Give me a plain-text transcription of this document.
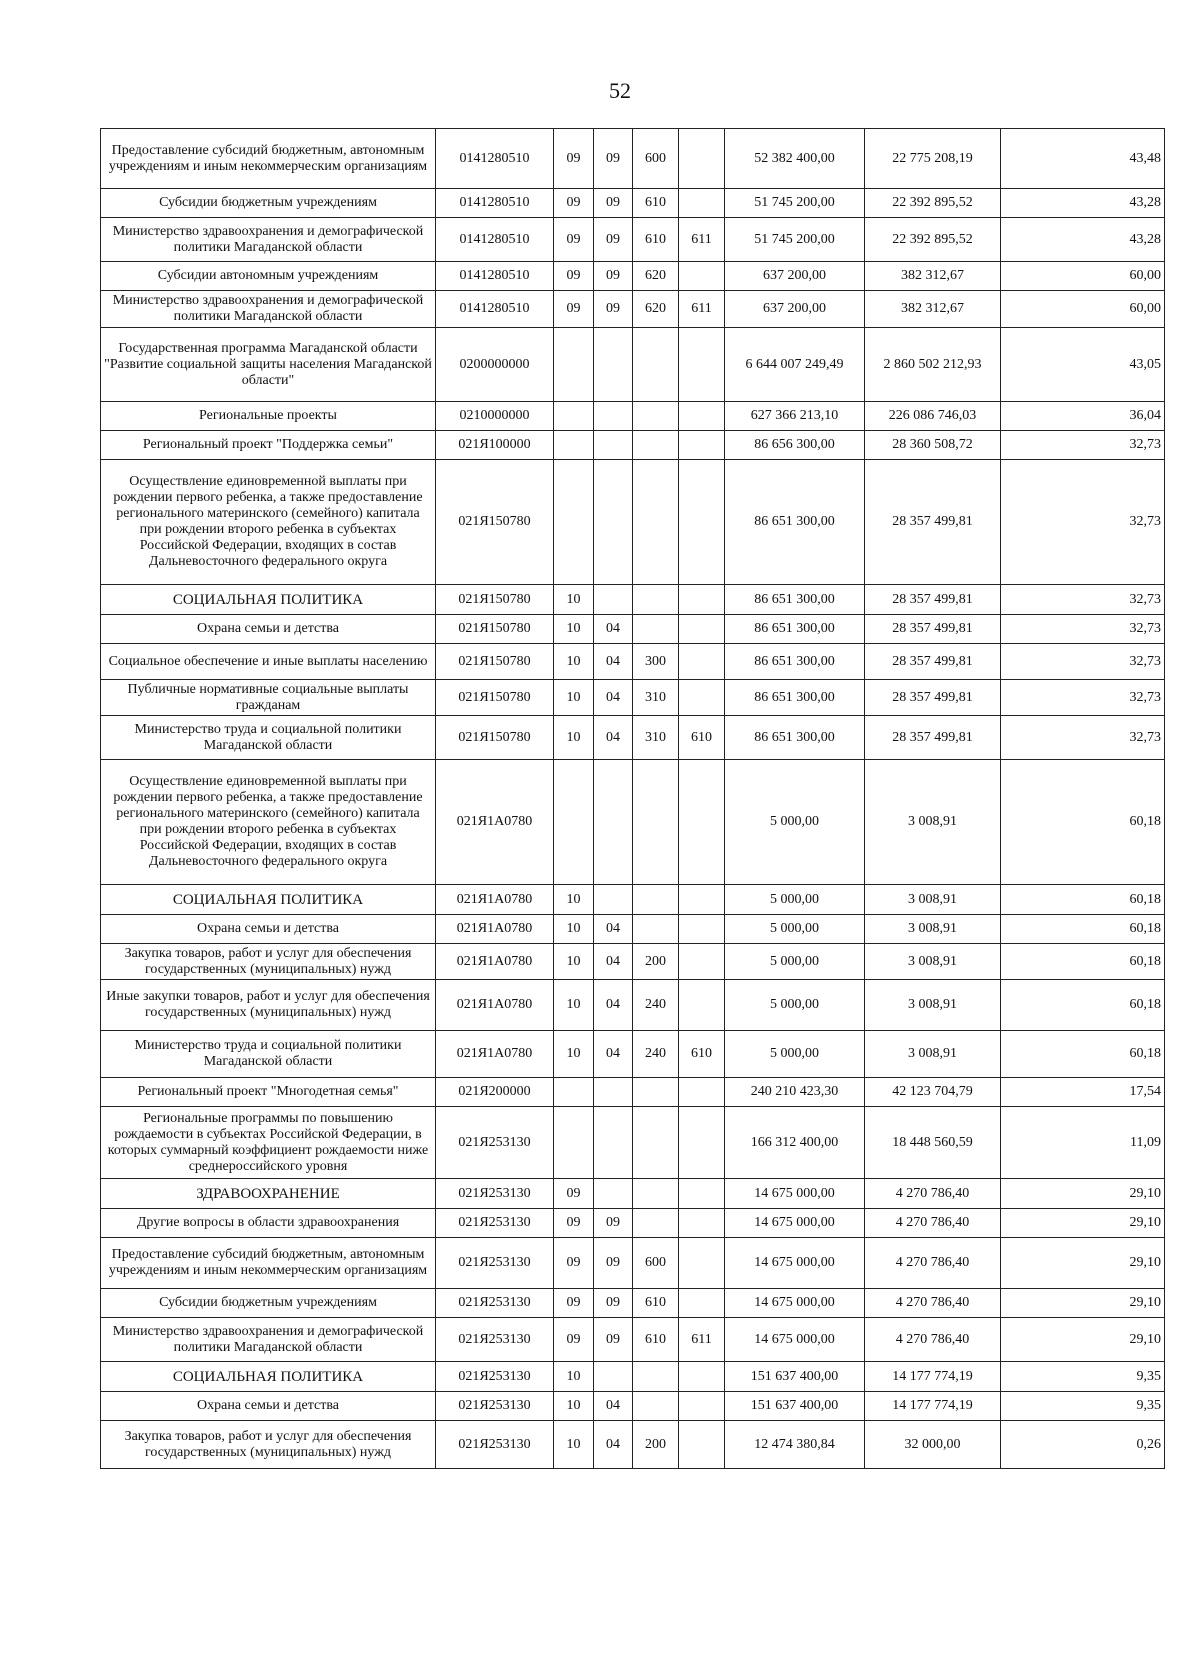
52
Предоставление субсидий бюджетным, автономным учреждениям и иным некоммерческим организациям	0141280510	09	09	600		52 382 400,00	22 775 208,19	43,48
Субсидии бюджетным учреждениям	0141280510	09	09	610		51 745 200,00	22 392 895,52	43,28
Министерство здравоохранения и демографической политики Магаданской области	0141280510	09	09	610	611	51 745 200,00	22 392 895,52	43,28
Субсидии автономным учреждениям	0141280510	09	09	620		637 200,00	382 312,67	60,00
Министерство здравоохранения и демографической политики Магаданской области	0141280510	09	09	620	611	637 200,00	382 312,67	60,00
Государственная программа Магаданской области "Развитие социальной защиты населения Магаданской области"	0200000000					6 644 007 249,49	2 860 502 212,93	43,05
Региональные проекты	0210000000					627 366 213,10	226 086 746,03	36,04
Региональный проект "Поддержка семьи"	021Я100000					86 656 300,00	28 360 508,72	32,73
Осуществление единовременной выплаты при рождении первого ребенка, а также предоставление регионального материнского (семейного) капитала при рождении второго ребенка в субъектах Российской Федерации, входящих в состав Дальневосточного федерального округа	021Я150780					86 651 300,00	28 357 499,81	32,73
СОЦИАЛЬНАЯ ПОЛИТИКА	021Я150780	10				86 651 300,00	28 357 499,81	32,73
Охрана семьи и детства	021Я150780	10	04			86 651 300,00	28 357 499,81	32,73
Социальное обеспечение и иные выплаты населению	021Я150780	10	04	300		86 651 300,00	28 357 499,81	32,73
Публичные нормативные социальные выплаты гражданам	021Я150780	10	04	310		86 651 300,00	28 357 499,81	32,73
Министерство труда и социальной политики Магаданской области	021Я150780	10	04	310	610	86 651 300,00	28 357 499,81	32,73
Осуществление единовременной выплаты при рождении первого ребенка, а также предоставление регионального материнского (семейного) капитала при рождении второго ребенка в субъектах Российской Федерации, входящих в состав Дальневосточного федерального округа	021Я1А0780					5 000,00	3 008,91	60,18
СОЦИАЛЬНАЯ ПОЛИТИКА	021Я1А0780	10				5 000,00	3 008,91	60,18
Охрана семьи и детства	021Я1А0780	10	04			5 000,00	3 008,91	60,18
Закупка товаров, работ и услуг для обеспечения государственных (муниципальных) нужд	021Я1А0780	10	04	200		5 000,00	3 008,91	60,18
Иные закупки товаров, работ и услуг для обеспечения государственных (муниципальных) нужд	021Я1А0780	10	04	240		5 000,00	3 008,91	60,18
Министерство труда и социальной политики Магаданской области	021Я1А0780	10	04	240	610	5 000,00	3 008,91	60,18
Региональный проект "Многодетная семья"	021Я200000					240 210 423,30	42 123 704,79	17,54
Региональные программы по повышению рождаемости в субъектах Российской Федерации, в которых суммарный коэффициент рождаемости ниже среднероссийского уровня	021Я253130					166 312 400,00	18 448 560,59	11,09
ЗДРАВООХРАНЕНИЕ	021Я253130	09				14 675 000,00	4 270 786,40	29,10
Другие вопросы в области здравоохранения	021Я253130	09	09			14 675 000,00	4 270 786,40	29,10
Предоставление субсидий бюджетным, автономным учреждениям и иным некоммерческим организациям	021Я253130	09	09	600		14 675 000,00	4 270 786,40	29,10
Субсидии бюджетным учреждениям	021Я253130	09	09	610		14 675 000,00	4 270 786,40	29,10
Министерство здравоохранения и демографической политики Магаданской области	021Я253130	09	09	610	611	14 675 000,00	4 270 786,40	29,10
СОЦИАЛЬНАЯ ПОЛИТИКА	021Я253130	10				151 637 400,00	14 177 774,19	9,35
Охрана семьи и детства	021Я253130	10	04			151 637 400,00	14 177 774,19	9,35
Закупка товаров, работ и услуг для обеспечения государственных (муниципальных) нужд	021Я253130	10	04	200		12 474 380,84	32 000,00	0,26
